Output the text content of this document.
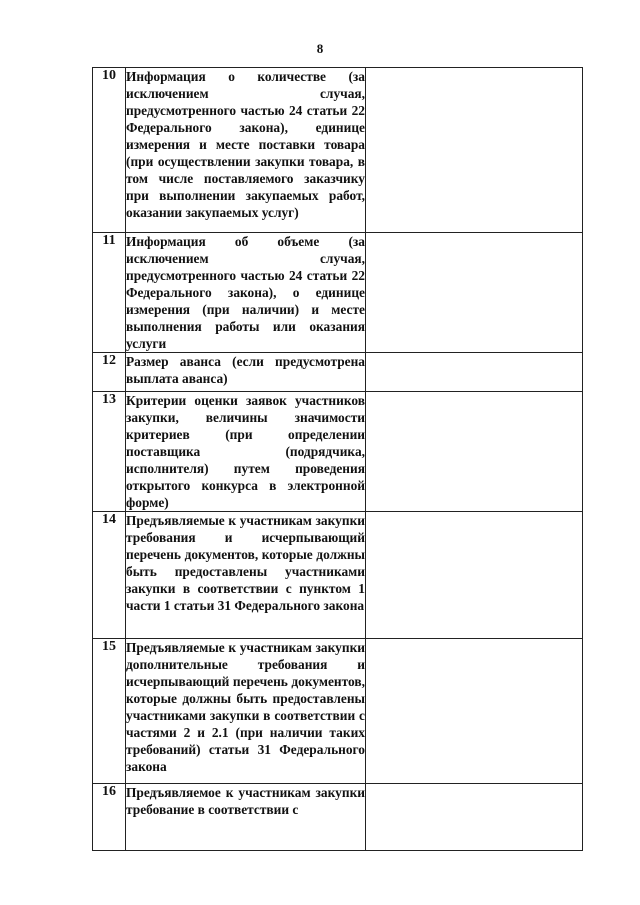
8
10	Информация о количестве (за исключением случая, предусмотренного частью 24 статьи 22 Федерального закона), единице измерения и месте поставки товара (при осуществлении закупки товара, в том числе поставляемого заказчику при выполнении закупаемых работ, оказании закупаемых услуг)	
11	Информация об объеме (за исключением случая, предусмотренного частью 24 статьи 22 Федерального закона), о единице измерения (при наличии) и месте выполнения работы или оказания услуги	
12	Размер аванса (если предусмотрена выплата аванса)	
13	Критерии оценки заявок участников закупки, величины значимости критериев (при определении поставщика (подрядчика, исполнителя) путем проведения открытого конкурса в электронной форме)	
14	Предъявляемые к участникам закупки требования и исчерпывающий перечень документов, которые должны быть предоставлены участниками закупки в соответствии с пунктом 1 части 1 статьи 31 Федерального закона	
15	Предъявляемые к участникам закупки дополнительные требования и исчерпывающий перечень документов, которые должны быть предоставлены участниками закупки в соответствии с частями 2 и 2.1 (при наличии таких требований) статьи 31 Федерального закона	
16	Предъявляемое к участникам закупки требование в соответствии с	
